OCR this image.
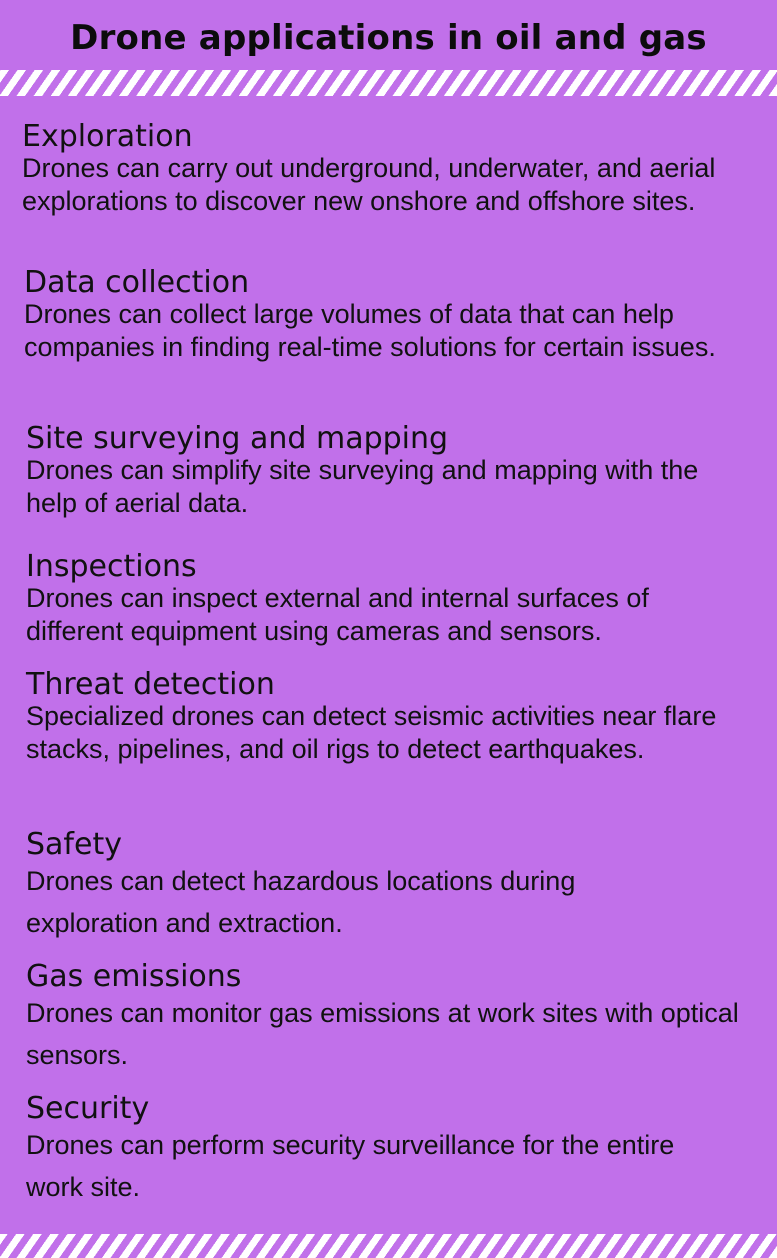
Drone applications in oil and gas

Exploration

Drones can carry out underground, underwater, and aerial explorations to discover new onshore and offshore sites.

Data collection

Drones can collect large volumes of data that can help companies in finding real-time solutions for certain issues.

Site surveying and mapping

Drones can simplify site surveying and mapping with the help of aerial data.

Inspections

Drones can inspect external and internal surfaces of different equipment using cameras and sensors.

Threat detection

Specialized drones can detect seismic activities near flare stacks, pipelines, and oil rigs to detect earthquakes.

Safety

Drones can detect hazardous locations during exploration and extraction.

Gas emissions

Drones can monitor gas emissions at work sites with optical sensors.

Security

Drones can perform security surveillance for the entire work site.
